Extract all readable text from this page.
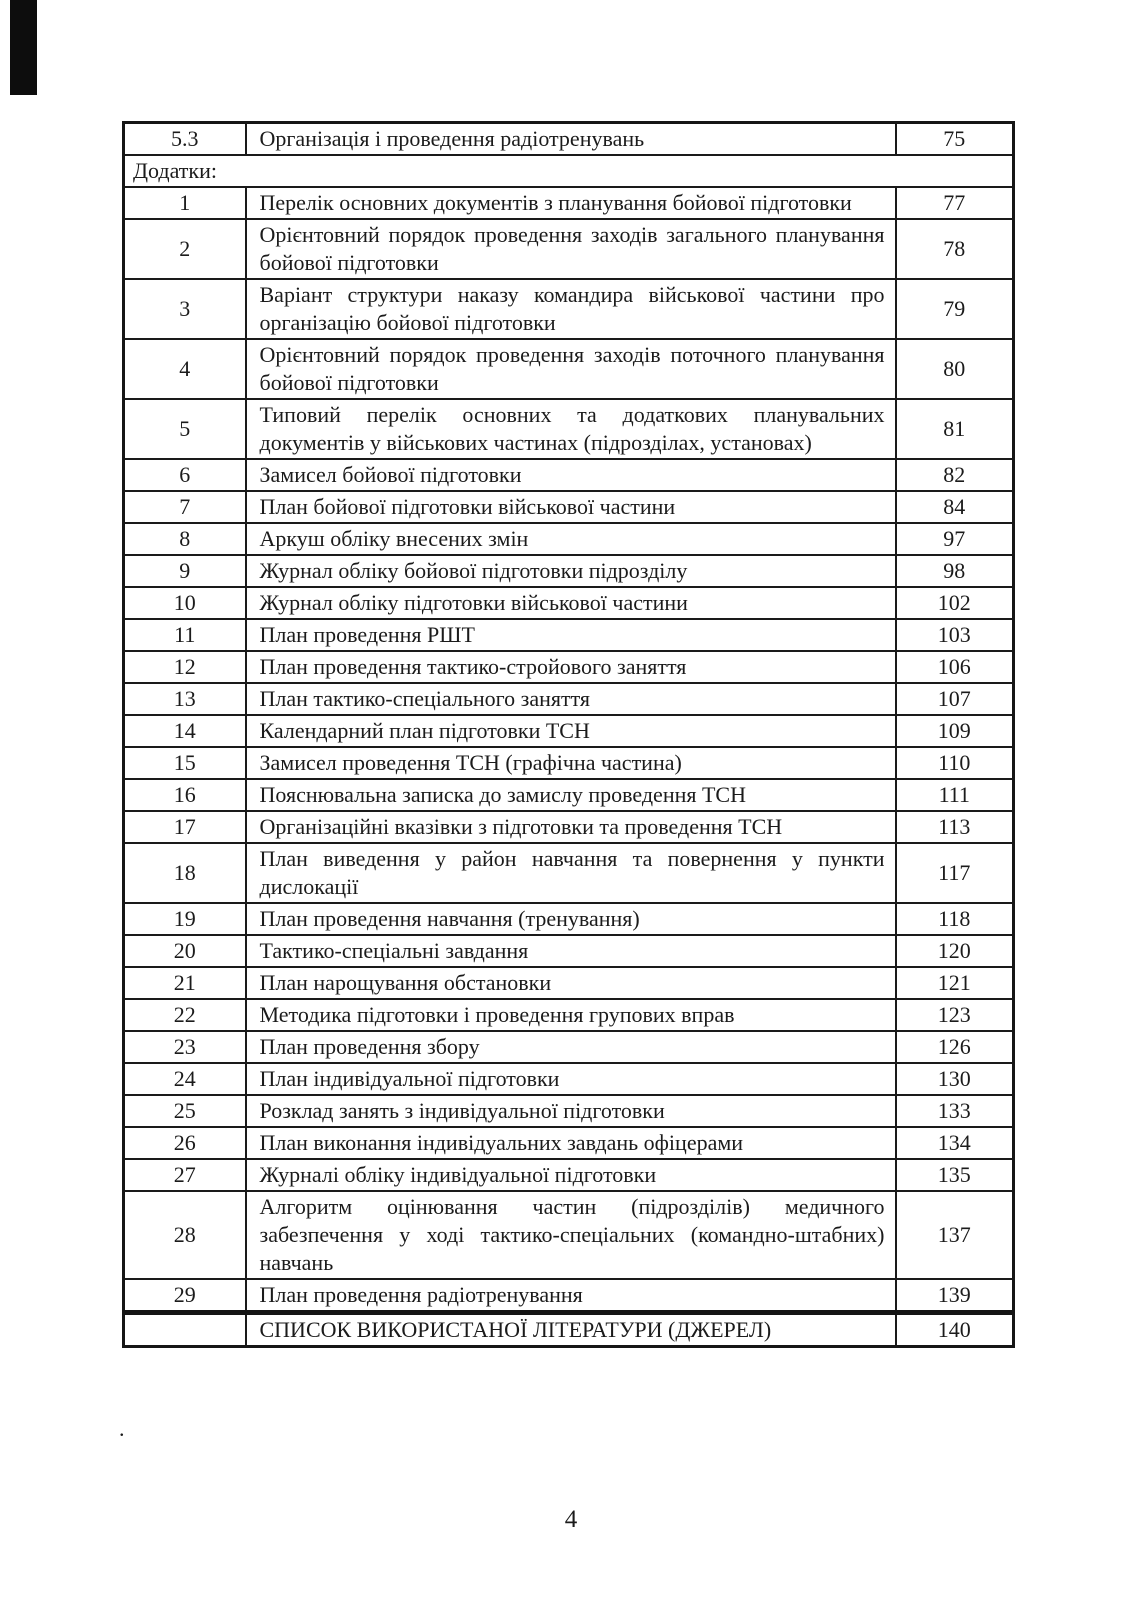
5.3	Організація і проведення радіотренувань	75
Додатки:		
1	Перелік основних документів з планування бойової підготовки	77
2	Орієнтовний порядок проведення заходів загального планування бойової підготовки	78
3	Варіант структури наказу командира військової частини про організацію бойової підготовки	79
4	Орієнтовний порядок проведення заходів поточного планування бойової підготовки	80
5	Типовий перелік основних та додаткових планувальних документів у військових частинах (підрозділах, установах)	81
6	Замисел бойової підготовки	82
7	План бойової підготовки військової частини	84
8	Аркуш обліку внесених змін	97
9	Журнал обліку бойової підготовки підрозділу	98
10	Журнал обліку підготовки військової частини	102
11	План проведення РШТ	103
12	План проведення тактико-стройового заняття	106
13	План тактико-спеціального заняття	107
14	Календарний план підготовки ТСН	109
15	Замисел проведення ТСН (графічна частина)	110
16	Пояснювальна записка до замислу проведення ТСН	111
17	Організаційні вказівки з підготовки та проведення ТСН	113
18	План виведення у район навчання та повернення у пункти дислокації	117
19	План проведення навчання (тренування)	118
20	Тактико-спеціальні завдання	120
21	План нарощування обстановки	121
22	Методика підготовки і проведення групових вправ	123
23	План проведення збору	126
24	План індивідуальної підготовки	130
25	Розклад занять з індивідуальної підготовки	133
26	План виконання індивідуальних завдань офіцерами	134
27	Журналі обліку індивідуальної підготовки	135
28	Алгоритм оцінювання частин (підрозділів) медичного забезпечення у ході тактико-спеціальних (командно-штабних) навчань	137
29	План проведення радіотренування	139
	СПИСОК ВИКОРИСТАНОЇ ЛІТЕРАТУРИ (ДЖЕРЕЛ)	140
.
4
